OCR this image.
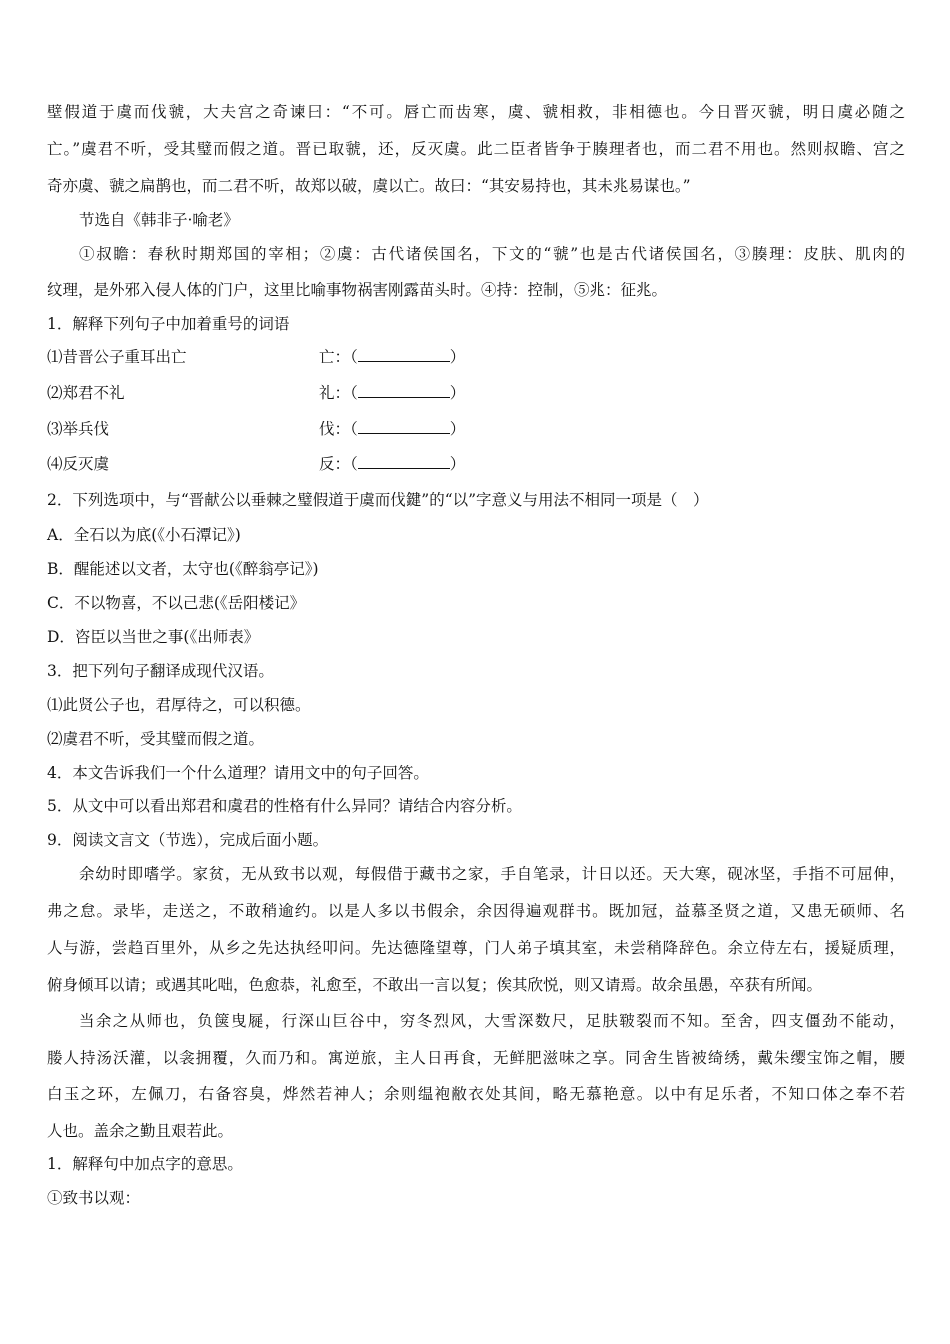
壁假道于虞而伐虢，大夫宫之奇谏曰：“不可。唇亡而齿寒，虞、虢相救，非相德也。今日晋灭虢，明日虞必随之
亡。”虞君不听，受其璧而假之道。晋已取虢，还，反灭虞。此二臣者皆争于腠理者也，而二君不用也。然则叔瞻、宫之
奇亦虞、虢之扁鹊也，而二君不听，故郑以破，虞以亡。故曰：“其安易持也，其未兆易谋也。”
节选自《韩非子·喻老》
①叔瞻：春秋时期郑国的宰相；②虞：古代诸侯国名，下文的“虢”也是古代诸侯国名，③腠理：皮肤、肌肉的
纹理，是外邪入侵人体的门户，这里比喻事物祸害刚露苗头时。④持：控制，⑤兆：征兆。
1．解释下列句子中加着重号的词语
⑴昔晋公子重耳出亡	亡：（	）
⑵郑君不礼	礼：（	）
⑶举兵伐	伐：（	）
⑷反灭虞	反：（	）
2．下列选项中，与“晋献公以垂棘之璧假道于虞而伐鍵”的“以”字意义与用法不相同一项是（　）
A．全石以为底(《小石潭记》)
B．醒能述以文者，太守也(《醉翁亭记》)
C．不以物喜，不以己悲(《岳阳楼记》
D．咨臣以当世之事(《出师表》
3．把下列句子翻译成现代汉语。
⑴此贤公子也，君厚待之，可以积德。
⑵虞君不听，受其璧而假之道。
4．本文告诉我们一个什么道理？请用文中的句子回答。
5．从文中可以看出郑君和虞君的性格有什么异同？请结合内容分析。
9．阅读文言文（节选），完成后面小题。
余幼时即嗜学。家贫，无从致书以观，每假借于藏书之家，手自笔录，计日以还。天大寒，砚冰坚，手指不可屈伸，
弗之怠。录毕，走送之，不敢稍逾约。以是人多以书假余，余因得遍观群书。既加冠，益慕圣贤之道，又患无硕师、名
人与游，尝趋百里外，从乡之先达执经叩问。先达德隆望尊，门人弟子填其室，未尝稍降辞色。余立侍左右，援疑质理，
俯身倾耳以请；或遇其叱咄，色愈恭，礼愈至，不敢出一言以复；俟其欣悦，则又请焉。故余虽愚，卒获有所闻。
当余之从师也，负箧曳屣，行深山巨谷中，穷冬烈风，大雪深数尺，足肤皲裂而不知。至舍，四支僵劲不能动，
媵人持汤沃灌，以衾拥覆，久而乃和。寓逆旅，主人日再食，无鲜肥滋味之享。同舍生皆被绮绣，戴朱缨宝饰之帽，腰
白玉之环，左佩刀，右备容臭，烨然若神人；余则缊袍敝衣处其间，略无慕艳意。以中有足乐者，不知口体之奉不若
人也。盖余之勤且艰若此。
1．解释句中加点字的意思。
①致书以观：
